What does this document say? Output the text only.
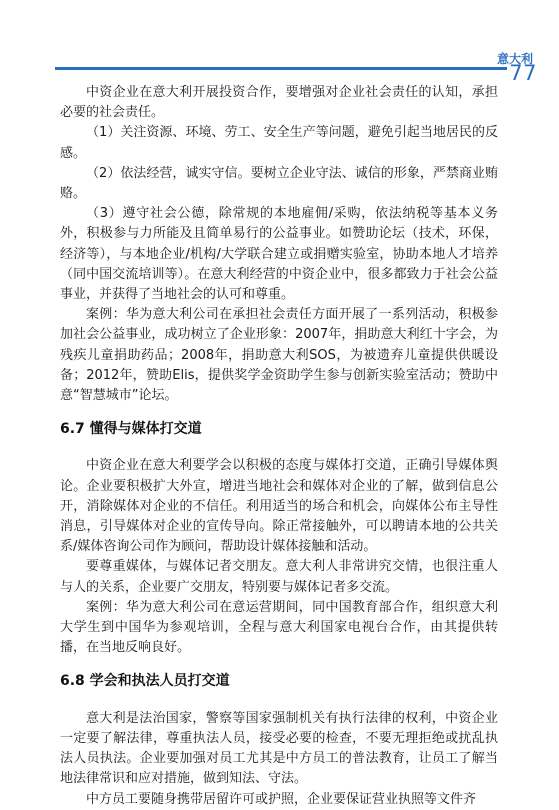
意大利
77

中资企业在意大利开展投资合作，要增强对企业社会责任的认知，承担必要的社会责任。

（1）关注资源、环境、劳工、安全生产等问题，避免引起当地居民的反感。

（2）依法经营，诚实守信。要树立企业守法、诚信的形象，严禁商业贿赂。

（3）遵守社会公德，除常规的本地雇佣/采购，依法纳税等基本义务外，积极参与力所能及且简单易行的公益事业。如赞助论坛（技术，环保，经济等），与本地企业/机构/大学联合建立或捐赠实验室，协助本地人才培养（同中国交流培训等）。在意大利经营的中资企业中，很多都致力于社会公益事业，并获得了当地社会的认可和尊重。

案例：华为意大利公司在承担社会责任方面开展了一系列活动，积极参加社会公益事业，成功树立了企业形象：2007年，捐助意大利红十字会，为残疾儿童捐助药品；2008年，捐助意大利SOS，为被遗弃儿童提供供暖设备；2012年，赞助Elis，提供奖学金资助学生参与创新实验室活动；赞助中意“智慧城市”论坛。

6.7 懂得与媒体打交道

中资企业在意大利要学会以积极的态度与媒体打交道，正确引导媒体舆论。企业要积极扩大外宣，增进当地社会和媒体对企业的了解，做到信息公开，消除媒体对企业的不信任。利用适当的场合和机会，向媒体公布主导性消息，引导媒体对企业的宣传导向。除正常接触外，可以聘请本地的公共关系/媒体咨询公司作为顾问，帮助设计媒体接触和活动。

要尊重媒体，与媒体记者交朋友。意大利人非常讲究交情，也很注重人与人的关系，企业要广交朋友，特别要与媒体记者多交流。

案例：华为意大利公司在意运营期间，同中国教育部合作，组织意大利大学生到中国华为参观培训，全程与意大利国家电视台合作，由其提供转播，在当地反响良好。

6.8 学会和执法人员打交道

意大利是法治国家，警察等国家强制机关有执行法律的权利，中资企业一定要了解法律，尊重执法人员，接受必要的检查，不要无理拒绝或扰乱执法人员执法。企业要加强对员工尤其是中方员工的普法教育，让员工了解当地法律常识和应对措施，做到知法、守法。

中方员工要随身携带居留许可或护照，企业要保证营业执照等文件齐
